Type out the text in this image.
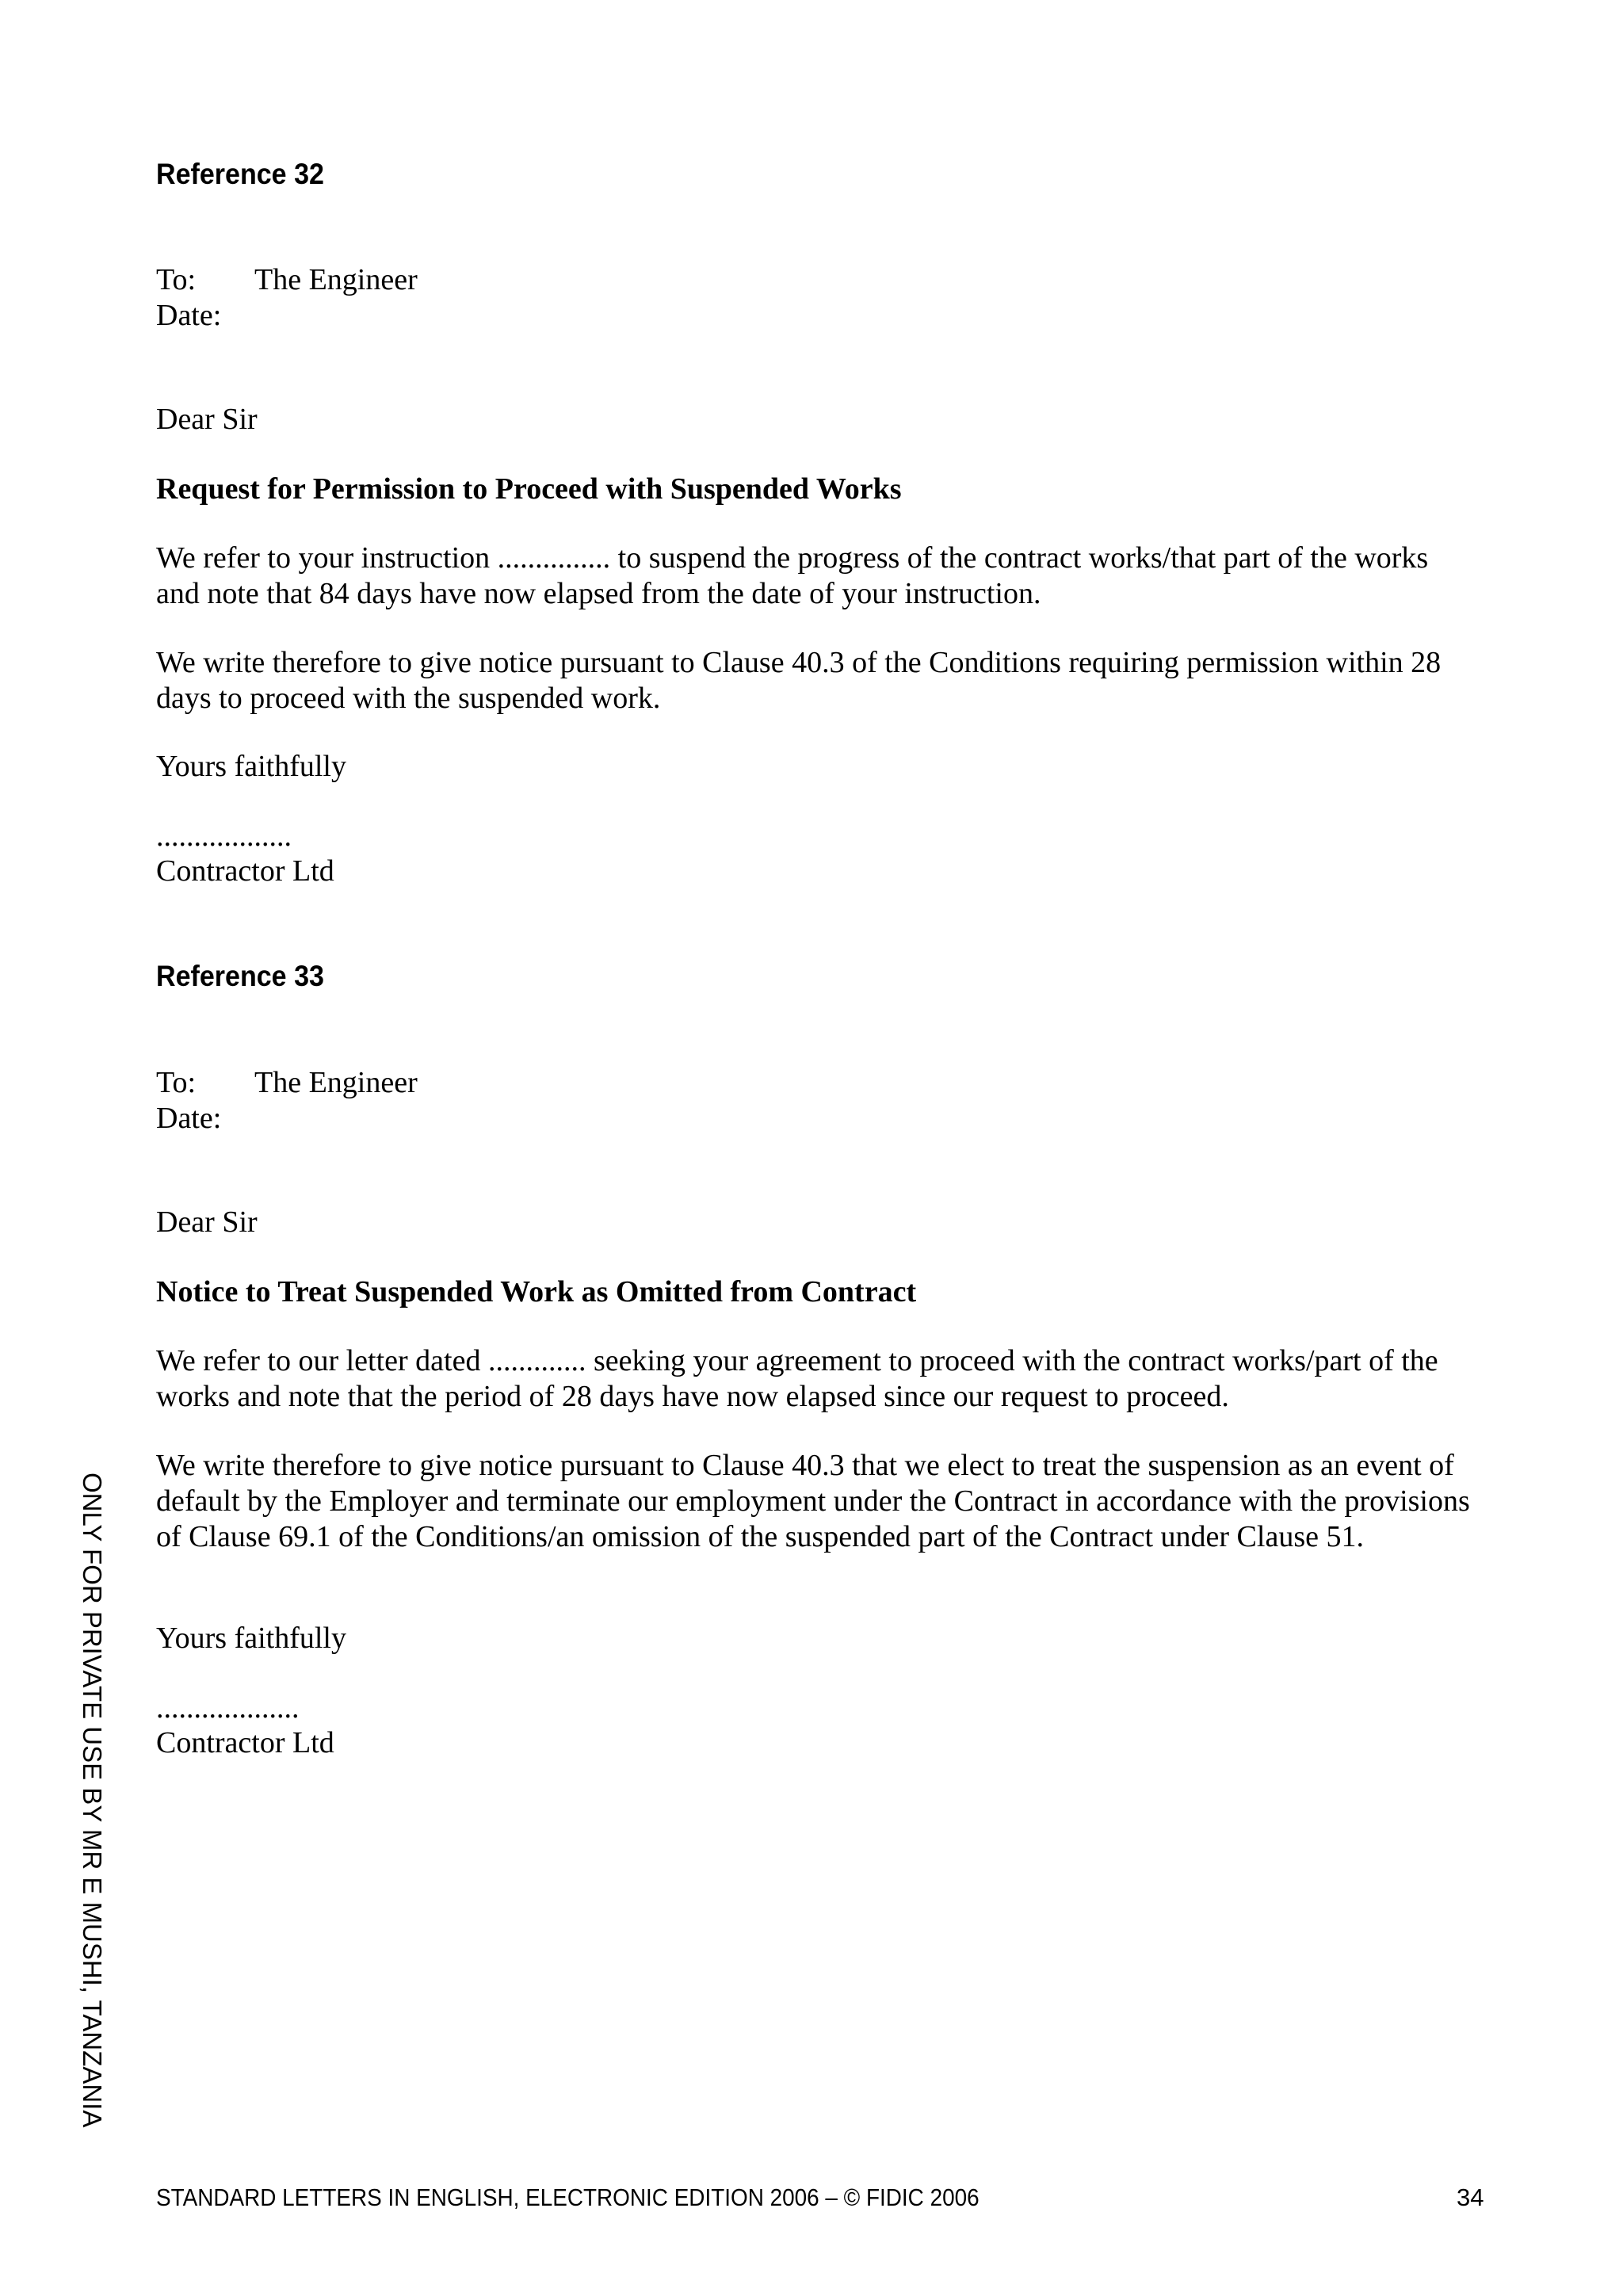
Reference 32
To: The Engineer
Date:
Dear Sir
Request for Permission to Proceed with Suspended Works

We refer to your instruction ............... to suspend the progress of the contract works/that part of the works

and note that 84 days have now elapsed from the date of your instruction.

We write therefore to give notice pursuant to Clause 40.3 of the Conditions requiring permission within 28

days to proceed with the suspended work.

Yours faithfully
..................
Contractor Ltd
Reference 33
To: The Engineer
Date:
Dear Sir
Notice to Treat Suspended Work as Omitted from Contract

We refer to our letter dated ............. seeking your agreement to proceed with the contract works/part of the

works and note that the period of 28 days have now elapsed since our request to proceed.

We write therefore to give notice pursuant to Clause 40.3 that we elect to treat the suspension as an event of

default by the Employer and terminate our employment under the Contract in accordance with the provisions

of Clause 69.1 of the Conditions/an omission of the suspended part of the Contract under Clause 51.

Yours faithfully
...................
Contractor Ltd
ONLY FOR PRIVATE USE BY MR E MUSHI, TANZANIA
STANDARD LETTERS IN ENGLISH, ELECTRONIC EDITION 2006 – © FIDIC 2006	34
